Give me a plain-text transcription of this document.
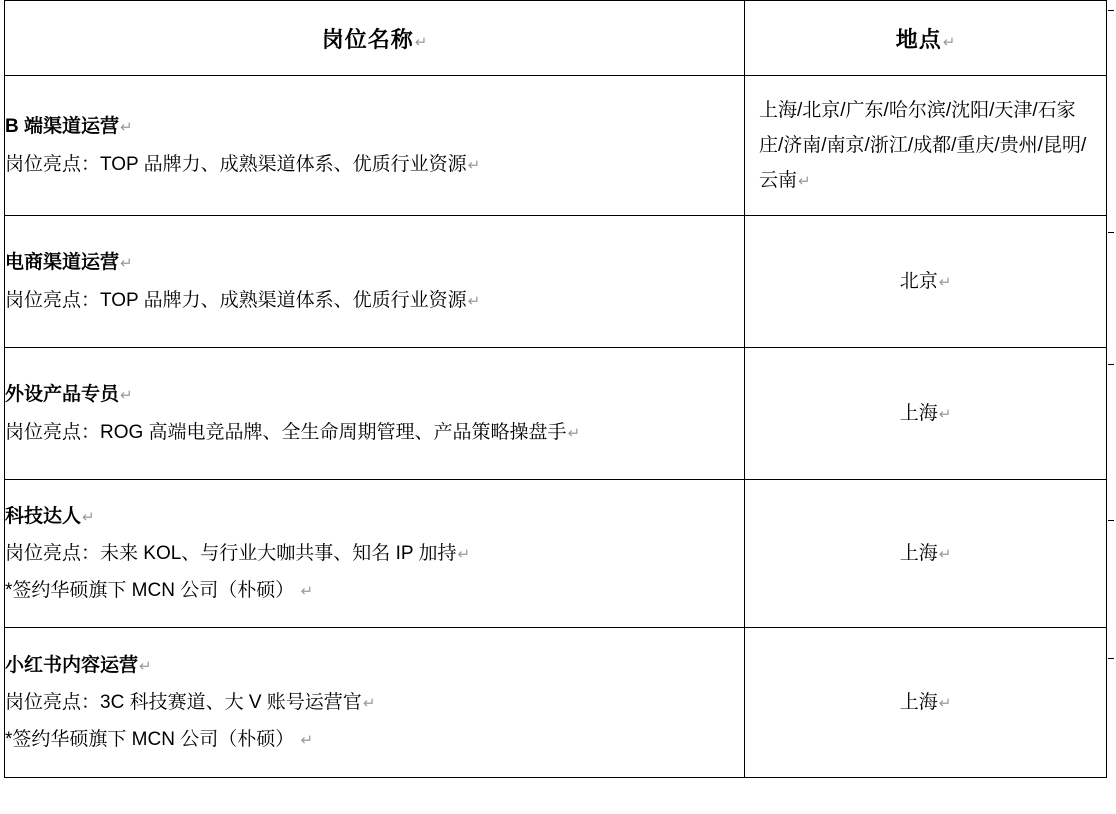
岗位名称↵	地点↵

B 端渠道运营↵
岗位亮点：TOP 品牌力、成熟渠道体系、优质行业资源↵	上海/北京/广东/哈尔滨/沈阳/天津/石家庄/济南/南京/浙江/成都/重庆/贵州/昆明/云南↵

电商渠道运营↵
岗位亮点：TOP 品牌力、成熟渠道体系、优质行业资源↵	北京↵

外设产品专员↵
岗位亮点：ROG 高端电竞品牌、全生命周期管理、产品策略操盘手↵	上海↵

科技达人↵
岗位亮点：未来 KOL、与行业大咖共事、知名 IP 加持↵
*签约华硕旗下 MCN 公司（朴硕） ↵	上海↵

小红书内容运营↵
岗位亮点：3C 科技赛道、大 V 账号运营官↵
*签约华硕旗下 MCN 公司（朴硕） ↵	上海↵
